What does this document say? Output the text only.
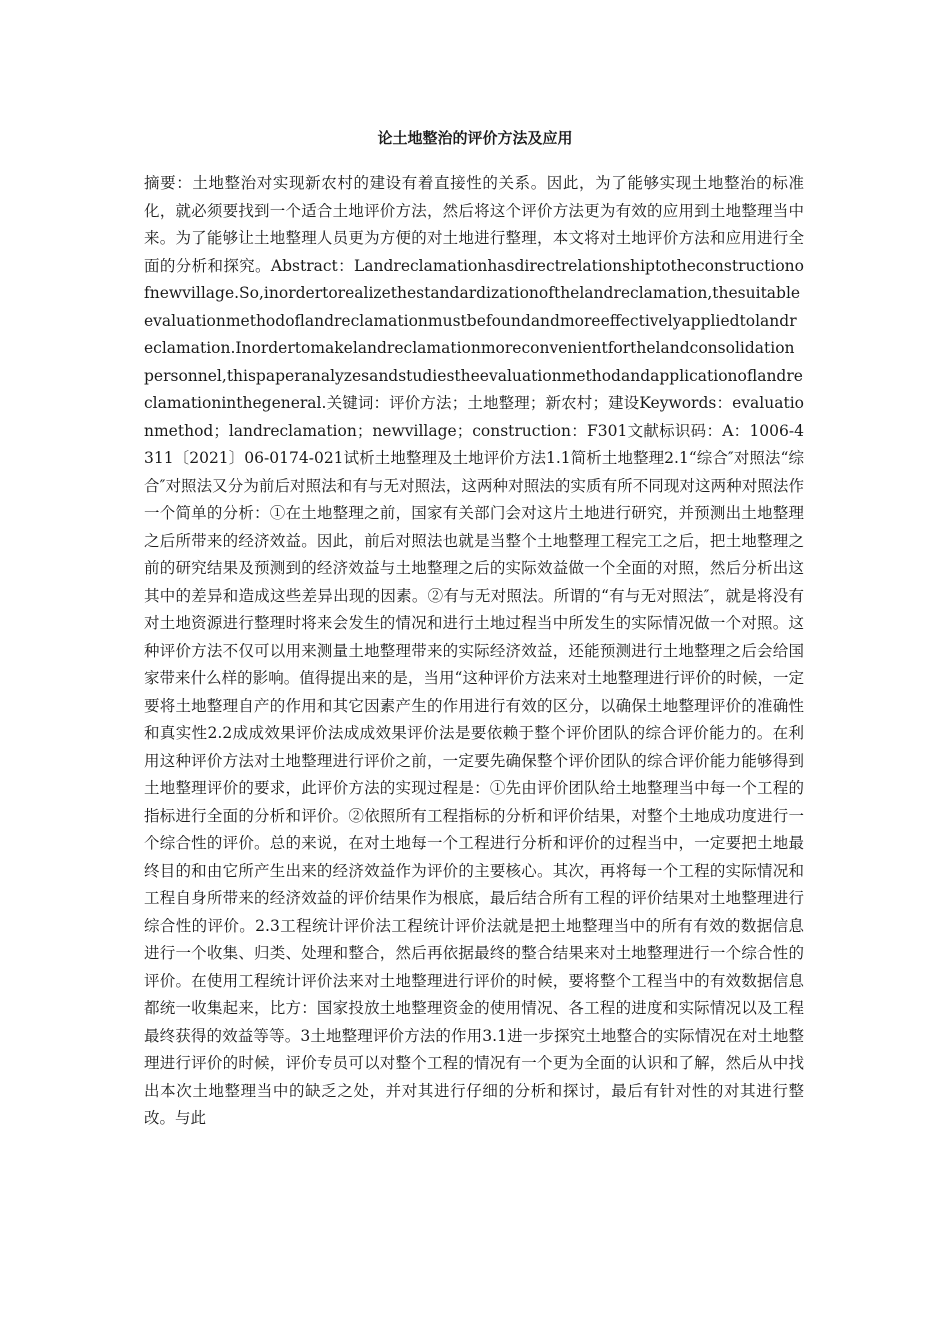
论土地整治的评价方法及应用

摘要：土地整治对实现新农村的建设有着直接性的关系。因此，为了能够实现土地整治的标准化，就必须要找到一个适合土地评价方法，然后将这个评价方法更为有效的应用到土地整理当中来。为了能够让土地整理人员更为方便的对土地进行整理，本文将对土地评价方法和应用进行全面的分析和探究。Abstract：Landreclamationhasdirectrelationshiptotheconstructionofnewvillage.So,inordertorealizethestandardizationofthelandreclamation,thesuitableevaluationmethodoflandreclamationmustbefoundandmoreeffectivelyappliedtolandreclamation.Inordertomakelandreclamationmoreconvenientforthelandconsolidationpersonnel,thispaperanalyzesandstudiestheevaluationmethodandapplicationoflandreclamationinthegeneral.关键词：评价方法；土地整理；新农村；建设Keywords：evaluationmethod；landreclamation；newvillage；construction：F301文献标识码：A：1006-4311〔2021〕06-0174-021试析土地整理及土地评价方法1.1简析土地整理2.1“综合″对照法“综合″对照法又分为前后对照法和有与无对照法，这两种对照法的实质有所不同现对这两种对照法作一个简单的分析：①在土地整理之前，国家有关部门会对这片土地进行研究，并预测出土地整理之后所带来的经济效益。因此，前后对照法也就是当整个土地整理工程完工之后，把土地整理之前的研究结果及预测到的经济效益与土地整理之后的实际效益做一个全面的对照，然后分析出这其中的差异和造成这些差异出现的因素。②有与无对照法。所谓的“有与无对照法″，就是将没有对土地资源进行整理时将来会发生的情况和进行土地过程当中所发生的实际情况做一个对照。这种评价方法不仅可以用来测量土地整理带来的实际经济效益，还能预测进行土地整理之后会给国家带来什么样的影响。值得提出来的是，当用“这种评价方法来对土地整理进行评价的时候，一定要将土地整理自产的作用和其它因素产生的作用进行有效的区分，以确保土地整理评价的准确性和真实性2.2成成效果评价法成成效果评价法是要依赖于整个评价团队的综合评价能力的。在利用这种评价方法对土地整理进行评价之前，一定要先确保整个评价团队的综合评价能力能够得到土地整理评价的要求，此评价方法的实现过程是：①先由评价团队给土地整理当中每一个工程的指标进行全面的分析和评价。②依照所有工程指标的分析和评价结果，对整个土地成功度进行一个综合性的评价。总的来说，在对土地每一个工程进行分析和评价的过程当中，一定要把土地最终目的和由它所产生出来的经济效益作为评价的主要核心。其次，再将每一个工程的实际情况和工程自身所带来的经济效益的评价结果作为根底，最后结合所有工程的评价结果对土地整理进行综合性的评价。2.3工程统计评价法工程统计评价法就是把土地整理当中的所有有效的数据信息进行一个收集、归类、处理和整合，然后再依据最终的整合结果来对土地整理进行一个综合性的评价。在使用工程统计评价法来对土地整理进行评价的时候，要将整个工程当中的有效数据信息都统一收集起来，比方：国家投放土地整理资金的使用情况、各工程的进度和实际情况以及工程最终获得的效益等等。3土地整理评价方法的作用3.1进一步探究土地整合的实际情况在对土地整理进行评价的时候，评价专员可以对整个工程的情况有一个更为全面的认识和了解，然后从中找出本次土地整理当中的缺乏之处，并对其进行仔细的分析和探讨，最后有针对性的对其进行整改。与此
